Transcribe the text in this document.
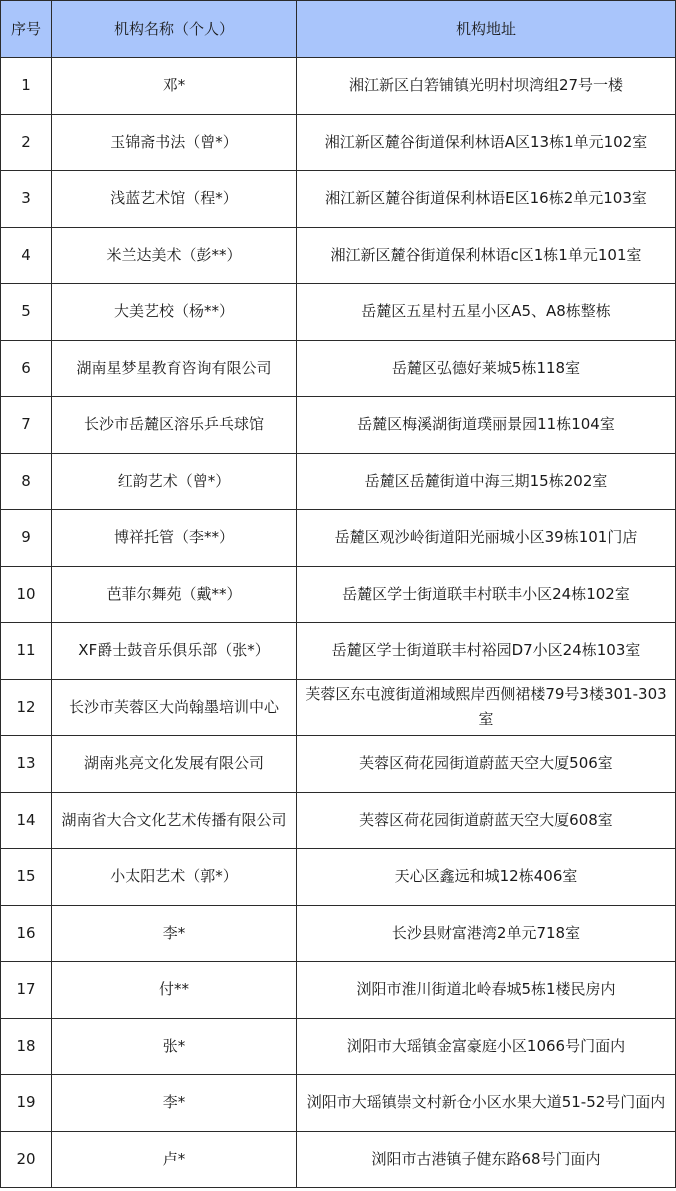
序号	机构名称（个人）	机构地址
1	邓*	湘江新区白箬铺镇光明村坝湾组27号一楼
2	玉锦斋书法（曾*）	湘江新区麓谷街道保利林语A区13栋1单元102室
3	浅蓝艺术馆（程*）	湘江新区麓谷街道保利林语E区16栋2单元103室
4	米兰达美术（彭**）	湘江新区麓谷街道保利林语c区1栋1单元101室
5	大美艺校（杨**）	岳麓区五星村五星小区A5、A8栋整栋
6	湖南星梦星教育咨询有限公司	岳麓区弘德好莱城5栋118室
7	长沙市岳麓区溶乐乒乓球馆	岳麓区梅溪湖街道璞丽景园11栋104室
8	红韵艺术（曾*）	岳麓区岳麓街道中海三期15栋202室
9	博祥托管（李**）	岳麓区观沙岭街道阳光丽城小区39栋101门店
10	芭菲尔舞苑（戴**）	岳麓区学士街道联丰村联丰小区24栋102室
11	XF爵士鼓音乐俱乐部（张*）	岳麓区学士街道联丰村裕园D7小区24栋103室
12	长沙市芙蓉区大尚翰墨培训中心	芙蓉区东屯渡街道湘域熙岸西侧裙楼79号3楼301-303室
13	湖南兆亮文化发展有限公司	芙蓉区荷花园街道蔚蓝天空大厦506室
14	湖南省大合文化艺术传播有限公司	芙蓉区荷花园街道蔚蓝天空大厦608室
15	小太阳艺术（郭*）	天心区鑫远和城12栋406室
16	李*	长沙县财富港湾2单元718室
17	付**	浏阳市淮川街道北岭春城5栋1楼民房内
18	张*	浏阳市大瑶镇金富豪庭小区1066号门面内
19	李*	浏阳市大瑶镇崇文村新仓小区水果大道51-52号门面内
20	卢*	浏阳市古港镇子健东路68号门面内
